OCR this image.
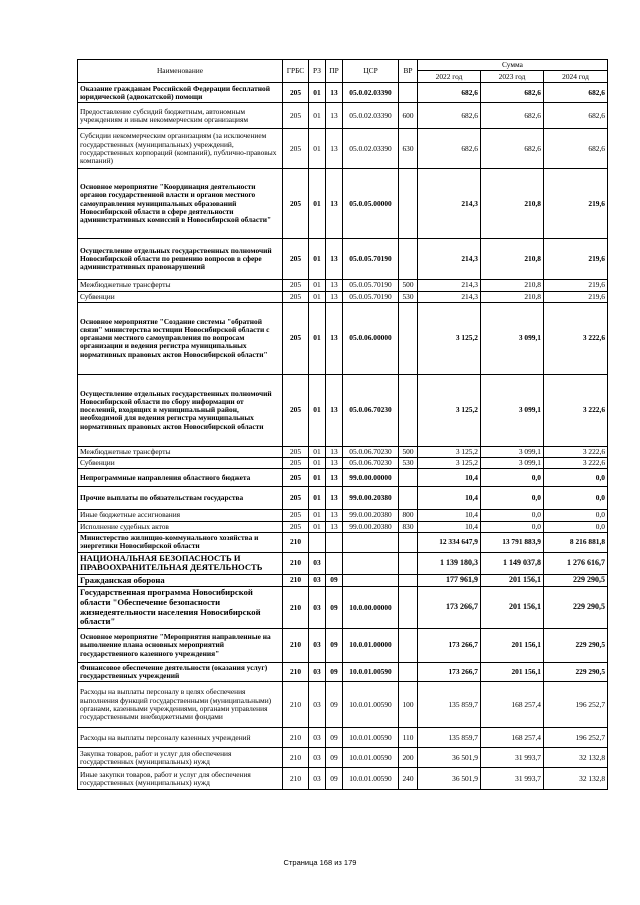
Наименование	ГРБС	РЗ	ПР	ЦСР	ВР	Сумма		
						2022 год	2023 год	2024 год
Оказание гражданам Российской Федерации бесплатной юридической (адвокатской) помощи	205	01	13	05.0.02.03390		682,6	682,6	682,6
Предоставление субсидий бюджетным, автономным учреждениям и иным некоммерческим организациям	205	01	13	05.0.02.03390	600	682,6	682,6	682,6
Субсидии некоммерческим организациям (за исключением государственных (муниципальных) учреждений, государственных корпораций (компаний), публично-правовых компаний)	205	01	13	05.0.02.03390	630	682,6	682,6	682,6
Основное мероприятие "Координация деятельности органов государственной власти и органов местного самоуправления муниципальных образований Новосибирской области в сфере деятельности административных комиссий в Новосибирской области"	205	01	13	05.0.05.00000		214,3	210,8	219,6
Осуществление отдельных государственных полномочий Новосибирской области по решению вопросов в сфере административных правонарушений	205	01	13	05.0.05.70190		214,3	210,8	219,6
Межбюджетные трансферты	205	01	13	05.0.05.70190	500	214,3	210,8	219,6
Субвенции	205	01	13	05.0.05.70190	530	214,3	210,8	219,6
Основное мероприятие "Создание системы "обратной связи" министерства юстиции Новосибирской области с органами местного самоуправления по вопросам организации и ведения регистра муниципальных нормативных правовых актов Новосибирской области"	205	01	13	05.0.06.00000		3 125,2	3 099,1	3 222,6
Осуществление отдельных государственных полномочий Новосибирской области по сбору информации от поселений, входящих в муниципальный район, необходимой для ведения регистра муниципальных нормативных правовых актов Новосибирской области	205	01	13	05.0.06.70230		3 125,2	3 099,1	3 222,6
Межбюджетные трансферты	205	01	13	05.0.06.70230	500	3 125,2	3 099,1	3 222,6
Субвенции	205	01	13	05.0.06.70230	530	3 125,2	3 099,1	3 222,6
Непрограммные направления областного бюджета	205	01	13	99.0.00.00000		10,4	0,0	0,0
Прочие выплаты по обязательствам государства	205	01	13	99.0.00.20380		10,4	0,0	0,0
Иные бюджетные ассигнования	205	01	13	99.0.00.20380	800	10,4	0,0	0,0
Исполнение судебных актов	205	01	13	99.0.00.20380	830	10,4	0,0	0,0
Министерство жилищно-коммунального хозяйства и энергетики Новосибирской области	210					12 334 647,9	13 791 883,9	8 216 881,8
НАЦИОНАЛЬНАЯ БЕЗОПАСНОСТЬ И ПРАВООХРАНИТЕЛЬНАЯ ДЕЯТЕЛЬНОСТЬ	210	03				1 139 180,3	1 149 037,8	1 276 616,7
Гражданская оборона	210	03	09			177 961,9	201 156,1	229 290,5
Государственная программа Новосибирской области "Обеспечение безопасности жизнедеятельности населения Новосибирской области"	210	03	09	10.0.00.00000		173 266,7	201 156,1	229 290,5
Основное мероприятие "Мероприятия направленные на выполнение плана основных мероприятий государственного казенного учреждения"	210	03	09	10.0.01.00000		173 266,7	201 156,1	229 290,5
Финансовое обеспечение деятельности (оказания услуг) государственных учреждений	210	03	09	10.0.01.00590		173 266,7	201 156,1	229 290,5
Расходы на выплаты персоналу в целях обеспечения выполнения функций государственными (муниципальными) органами, казенными учреждениями, органами управления государственными внебюджетными фондами	210	03	09	10.0.01.00590	100	135 859,7	168 257,4	196 252,7
Расходы на выплаты персоналу казенных учреждений	210	03	09	10.0.01.00590	110	135 859,7	168 257,4	196 252,7
Закупка товаров, работ и услуг для обеспечения государственных (муниципальных) нужд	210	03	09	10.0.01.00590	200	36 501,9	31 993,7	32 132,8
Иные закупки товаров, работ и услуг для обеспечения государственных (муниципальных) нужд	210	03	09	10.0.01.00590	240	36 501,9	31 993,7	32 132,8
Страница 168 из 179
